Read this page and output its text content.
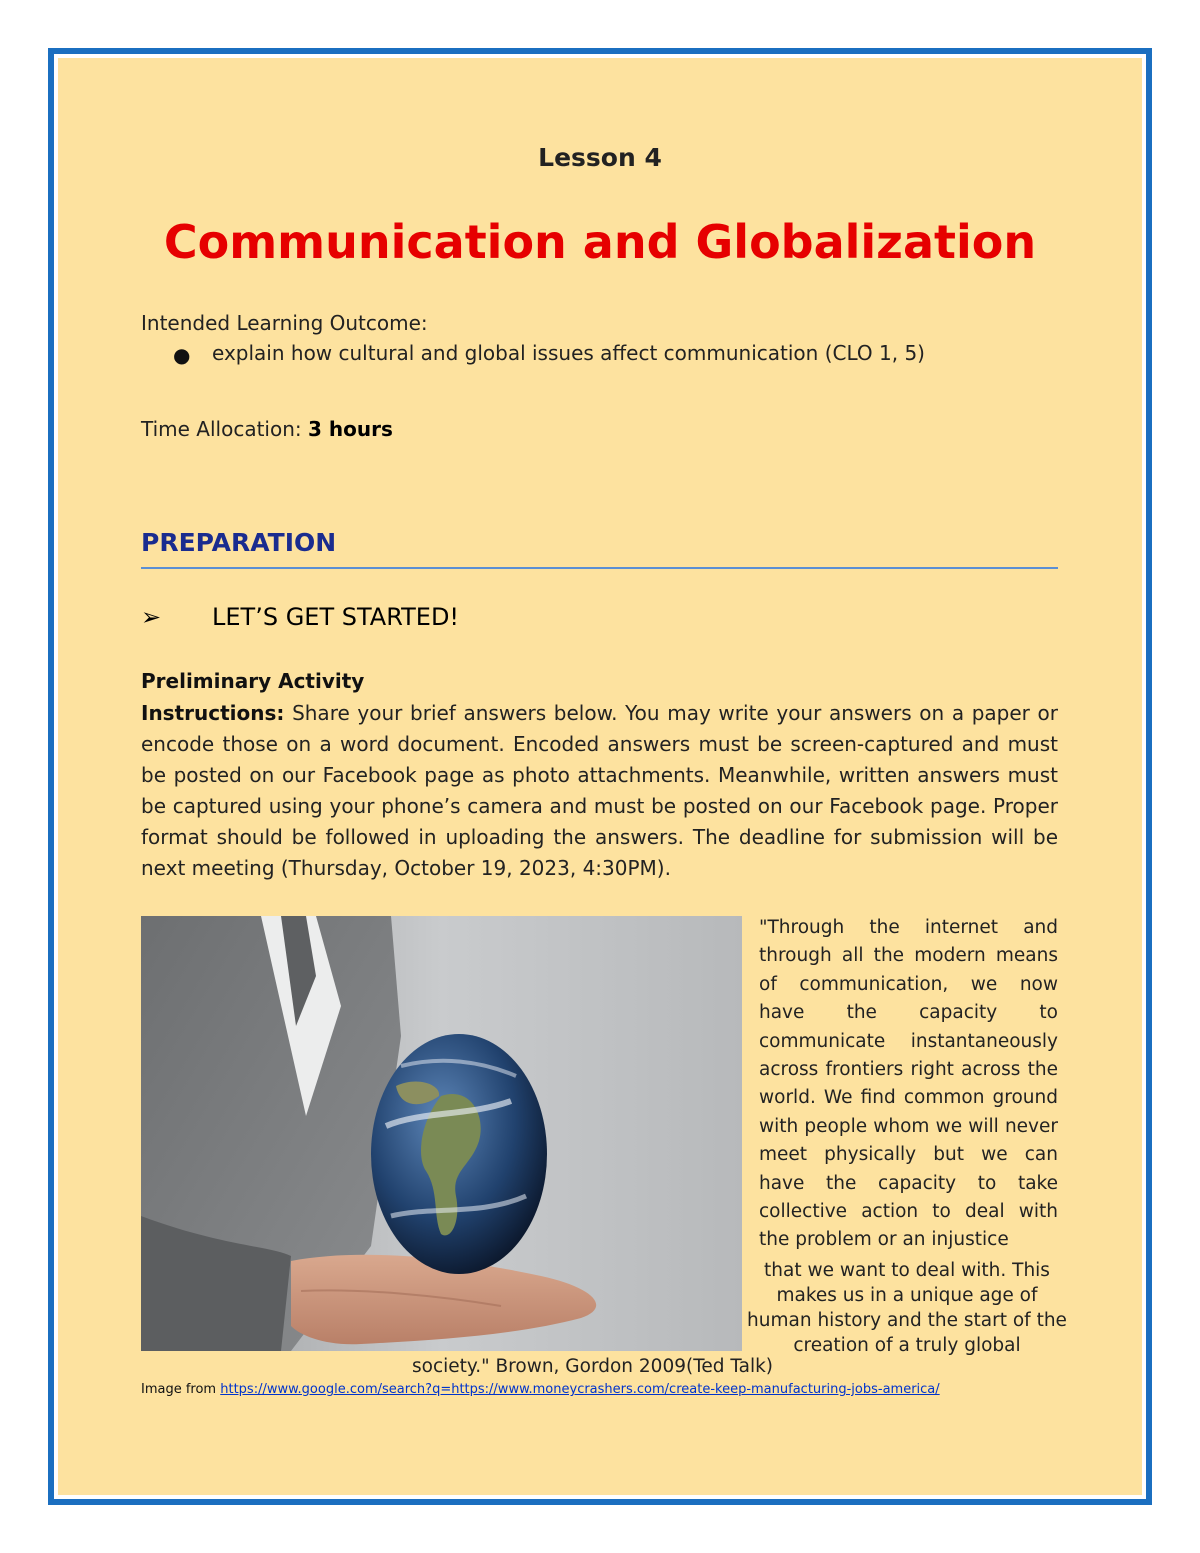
Lesson 4
Communication and Globalization
Intended Learning Outcome:
● explain how cultural and global issues affect communication (CLO 1, 5)
Time Allocation: 3 hours
PREPARATION
➢ LET’S GET STARTED!
Preliminary Activity

Instructions: Share your brief answers below. You may write your answers on a paper or encode those on a word document. Encoded answers must be screen-captured and must be posted on our Facebook page as photo attachments. Meanwhile, written answers must be captured using your phone’s camera and must be posted on our Facebook page. Proper format should be followed in uploading the answers. The deadline for submission will be next meeting (Thursday, October 19, 2023, 4:30PM).

"Through the internet and through all the modern means of communication, we now have the capacity to communicate instantaneously across frontiers right across the world. We find common ground with people whom we will never meet physically but we can have the capacity to take collective action to deal with the problem or an injustice

that we want to deal with. This makes us in a unique age of human history and the start of the creation of a truly global
society." Brown, Gordon 2009(Ted Talk)
Image from https://www.google.com/search?q=https://www.moneycrashers.com/create-keep-manufacturing-jobs-america/
